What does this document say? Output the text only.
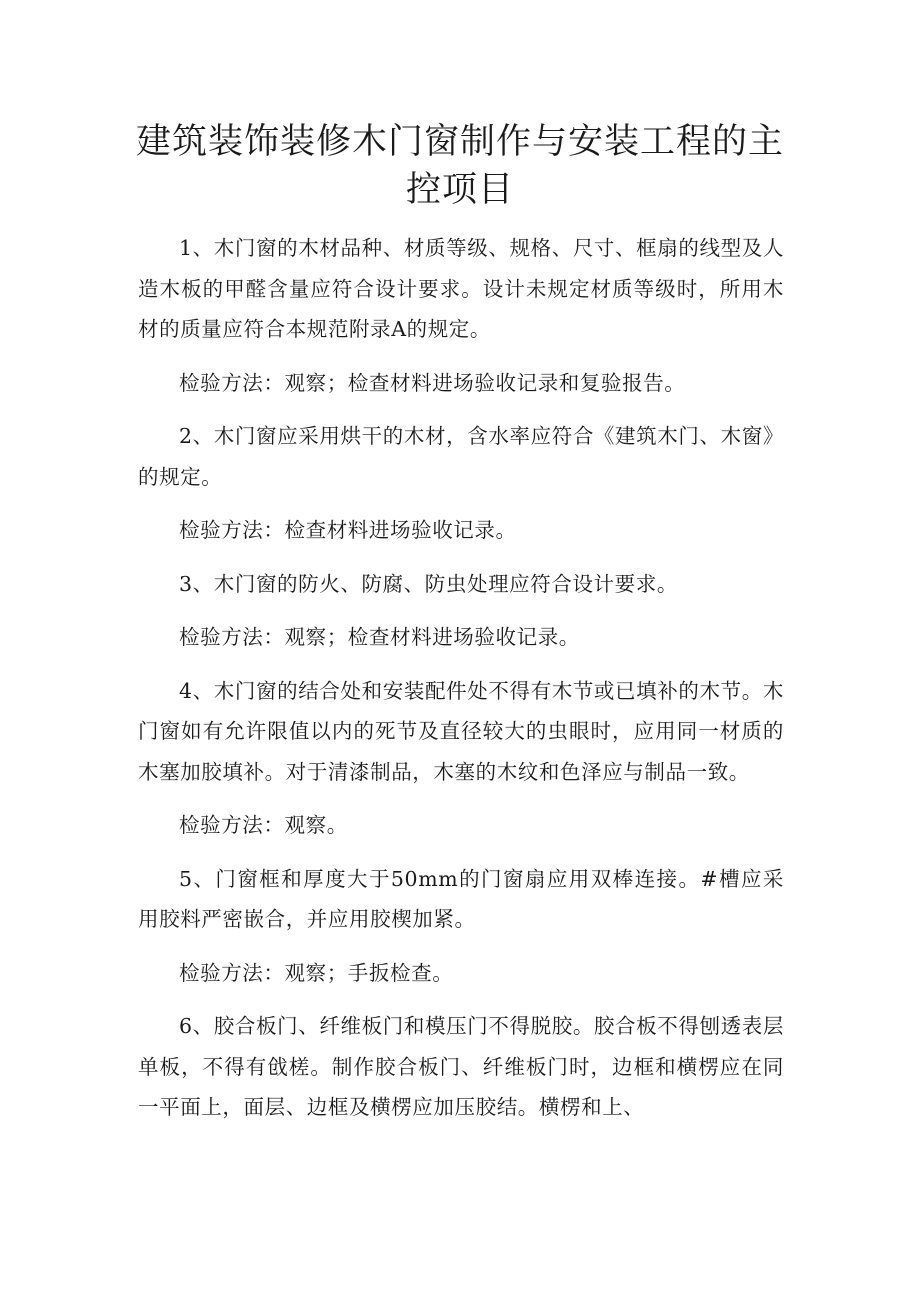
建筑装饰装修木门窗制作与安装工程的主控项目

1、木门窗的木材品种、材质等级、规格、尺寸、框扇的线型及人造木板的甲醛含量应符合设计要求。设计未规定材质等级时，所用木材的质量应符合本规范附录A的规定。

检验方法：观察；检查材料进场验收记录和复验报告。

2、木门窗应采用烘干的木材，含水率应符合《建筑木门、木窗》的规定。

检验方法：检查材料进场验收记录。

3、木门窗的防火、防腐、防虫处理应符合设计要求。

检验方法：观察；检查材料进场验收记录。

4、木门窗的结合处和安装配件处不得有木节或已填补的木节。木门窗如有允许限值以内的死节及直径较大的虫眼时，应用同一材质的木塞加胶填补。对于清漆制品，木塞的木纹和色泽应与制品一致。

检验方法：观察。

5、门窗框和厚度大于50mm的门窗扇应用双棒连接。#槽应采用胶料严密嵌合，并应用胶楔加紧。

检验方法：观察；手扳检查。

6、胶合板门、纤维板门和模压门不得脱胶。胶合板不得刨透表层单板，不得有戗槎。制作胶合板门、纤维板门时，边框和横楞应在同一平面上，面层、边框及横楞应加压胶结。横楞和上、
